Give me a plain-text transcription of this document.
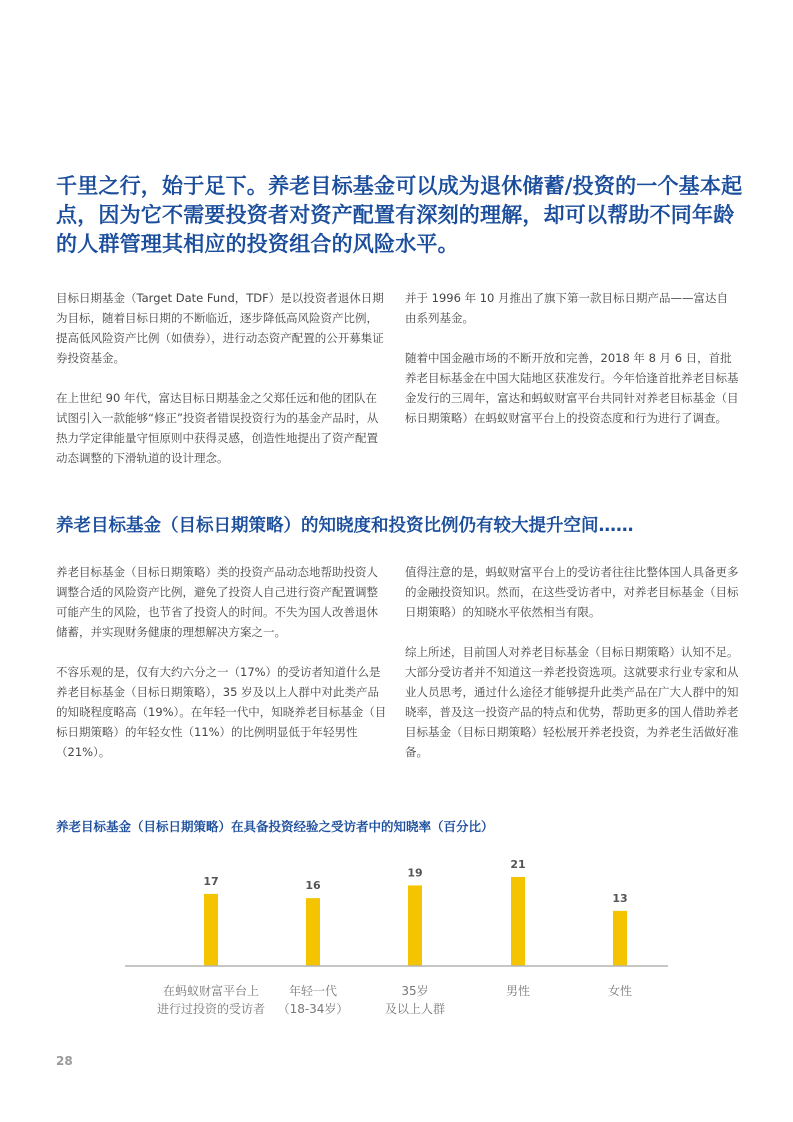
千里之行，始于足下。养老目标基金可以成为退休储蓄/投资的一个基本起点，因为它不需要投资者对资产配置有深刻的理解，却可以帮助不同年龄的人群管理其相应的投资组合的风险水平。

目标日期基金（Target Date Fund，TDF）是以投资者退休日期为目标，随着目标日期的不断临近，逐步降低高风险资产比例，提高低风险资产比例（如债券），进行动态资产配置的公开募集证券投资基金。

在上世纪 90 年代，富达目标日期基金之父郑任远和他的团队在试图引入一款能够“修正”投资者错误投资行为的基金产品时，从热力学定律能量守恒原则中获得灵感，创造性地提出了资产配置动态调整的下滑轨道的设计理念。

并于 1996 年 10 月推出了旗下第一款目标日期产品——富达自由系列基金。

随着中国金融市场的不断开放和完善，2018 年 8 月 6 日，首批养老目标基金在中国大陆地区获准发行。今年恰逢首批养老目标基金发行的三周年，富达和蚂蚁财富平台共同针对养老目标基金（目标日期策略）在蚂蚁财富平台上的投资态度和行为进行了调查。

养老目标基金（目标日期策略）的知晓度和投资比例仍有较大提升空间……

养老目标基金（目标日期策略）类的投资产品动态地帮助投资人调整合适的风险资产比例，避免了投资人自己进行资产配置调整可能产生的风险，也节省了投资人的时间。不失为国人改善退休储蓄，并实现财务健康的理想解决方案之一。

不容乐观的是，仅有大约六分之一（17%）的受访者知道什么是养老目标基金（目标日期策略），35 岁及以上人群中对此类产品的知晓程度略高（19%）。在年轻一代中，知晓养老目标基金（目标日期策略）的年轻女性（11%）的比例明显低于年轻男性（21%）。

值得注意的是，蚂蚁财富平台上的受访者往往比整体国人具备更多的金融投资知识。然而，在这些受访者中，对养老目标基金（目标日期策略）的知晓水平依然相当有限。

综上所述，目前国人对养老目标基金（目标日期策略）认知不足。大部分受访者并不知道这一养老投资选项。这就要求行业专家和从业人员思考，通过什么途径才能够提升此类产品在广大人群中的知晓率，普及这一投资产品的特点和优势，帮助更多的国人借助养老目标基金（目标日期策略）轻松展开养老投资，为养老生活做好准备。

养老目标基金（目标日期策略）在具备投资经验之受访者中的知晓率（百分比）
17
在蚂蚁财富平台上
进行过投资的受访者
16
年轻一代
（18-34岁）
19
35岁
及以上人群
21
男性
13
女性
28
